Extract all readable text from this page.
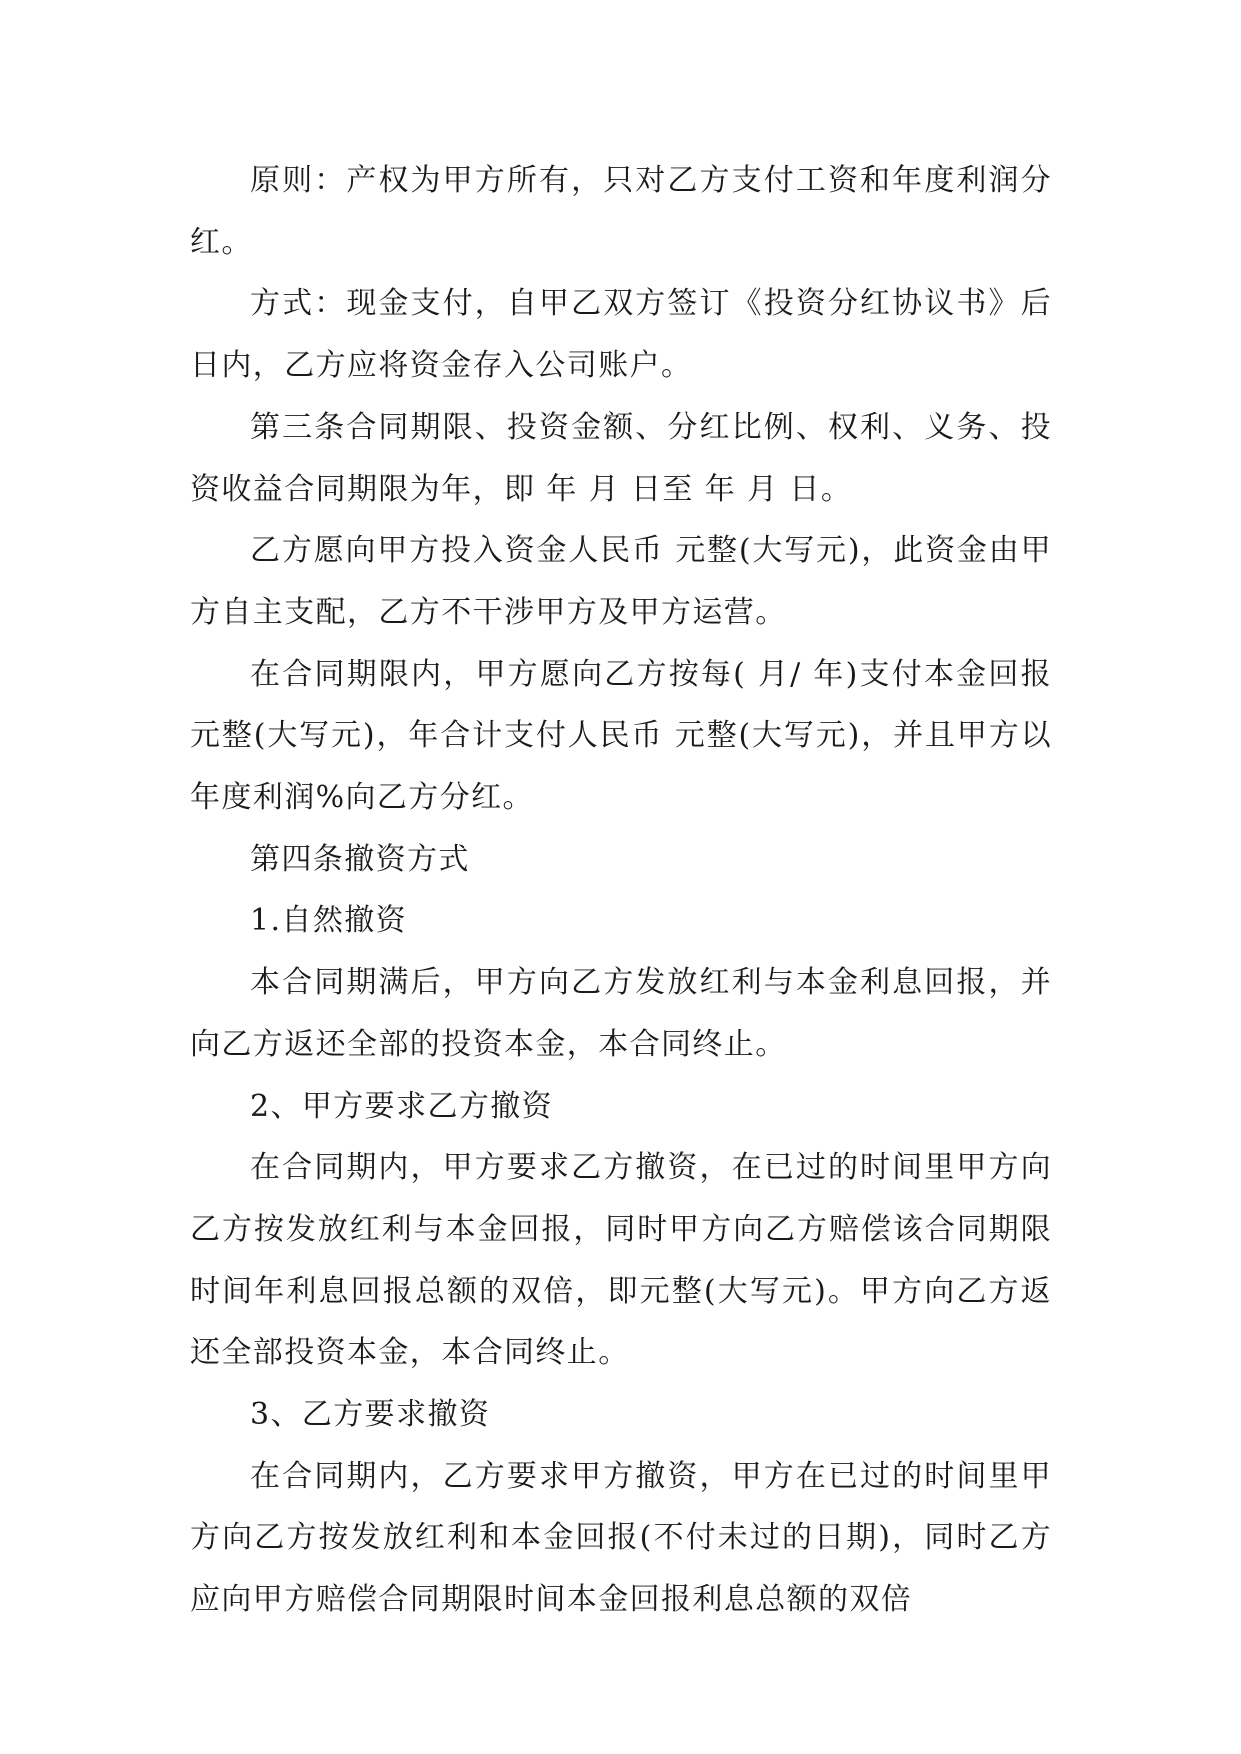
原则：产权为甲方所有，只对乙方支付工资和年度利润分红。

方式：现金支付，自甲乙双方签订《投资分红协议书》后日内，乙方应将资金存入公司账户。

第三条合同期限、投资金额、分红比例、权利、义务、投资收益合同期限为年，即 年 月 日至 年 月 日。

乙方愿向甲方投入资金人民币 元整(大写元)，此资金由甲方自主支配，乙方不干涉甲方及甲方运营。

在合同期限内，甲方愿向乙方按每( 月/ 年)支付本金回报元整(大写元)，年合计支付人民币 元整(大写元)，并且甲方以年度利润%向乙方分红。

第四条撤资方式

1.自然撤资

本合同期满后，甲方向乙方发放红利与本金利息回报，并向乙方返还全部的投资本金，本合同终止。

2、甲方要求乙方撤资

在合同期内，甲方要求乙方撤资，在已过的时间里甲方向乙方按发放红利与本金回报，同时甲方向乙方赔偿该合同期限时间年利息回报总额的双倍，即元整(大写元)。甲方向乙方返还全部投资本金，本合同终止。

3、乙方要求撤资

在合同期内，乙方要求甲方撤资，甲方在已过的时间里甲方向乙方按发放红利和本金回报(不付未过的日期)，同时乙方应向甲方赔偿合同期限时间本金回报利息总额的双倍
